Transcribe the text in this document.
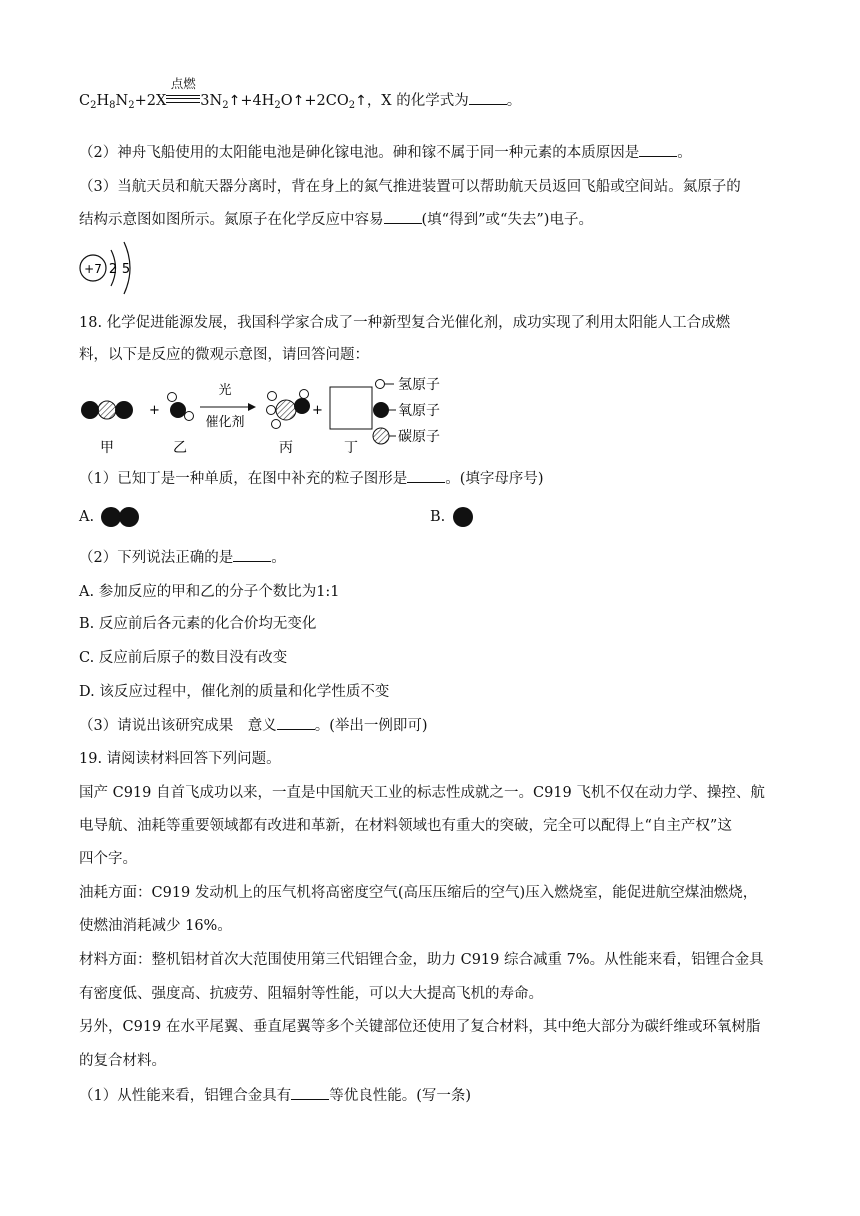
$C_2H_8N_2+2X$
点燃
$3N_2↑+4H_2O↑+2CO_2↑$，X 的化学式为	。
（2）神舟飞船使用的太阳能电池是砷化镓电池。砷和镓不属于同一种元素的本质原因是	。
（3）当航天员和航天器分离时，背在身上的氮气推进装置可以帮助航天员返回飞船或空间站。氮原子的
结构示意图如图所示。氮原子在化学反应中容易	(填“得到”或“失去”)电子。
+7 2 5
18. 化学促进能源发展，我国科学家合成了一种新型复合光催化剂，成功实现了利用太阳能人工合成燃
料，以下是反应的微观示意图，请回答问题：
+
光
催化剂
+
氢原子
氧原子
碳原子
甲	乙	丙	丁
（1）已知丁是一种单质，在图中补充的粒子图形是	。(填字母序号)
A.	B.
（2）下列说法正确的是	。
A. 参加反应的甲和乙的分子个数比为1:1
B. 反应前后各元素的化合价均无变化
C. 反应前后原子的数目没有改变
D. 该反应过程中，催化剂的质量和化学性质不变
（3）请说出该研究成果　意义	。(举出一例即可)
19. 请阅读材料回答下列问题。
国产 C919 自首飞成功以来，一直是中国航天工业的标志性成就之一。C919 飞机不仅在动力学、操控、航
电导航、油耗等重要领域都有改进和革新，在材料领域也有重大的突破，完全可以配得上“自主产权”这
四个字。
油耗方面：C919 发动机上的压气机将高密度空气(高压压缩后的空气)压入燃烧室，能促进航空煤油燃烧，
使燃油消耗减少 16%。
材料方面：整机铝材首次大范围使用第三代铝锂合金，助力 C919 综合减重 7%。从性能来看，铝锂合金具
有密度低、强度高、抗疲劳、阻辐射等性能，可以大大提高飞机的寿命。
另外，C919 在水平尾翼、垂直尾翼等多个关键部位还使用了复合材料，其中绝大部分为碳纤维或环氧树脂
的复合材料。
（1）从性能来看，铝锂合金具有	等优良性能。(写一条)
